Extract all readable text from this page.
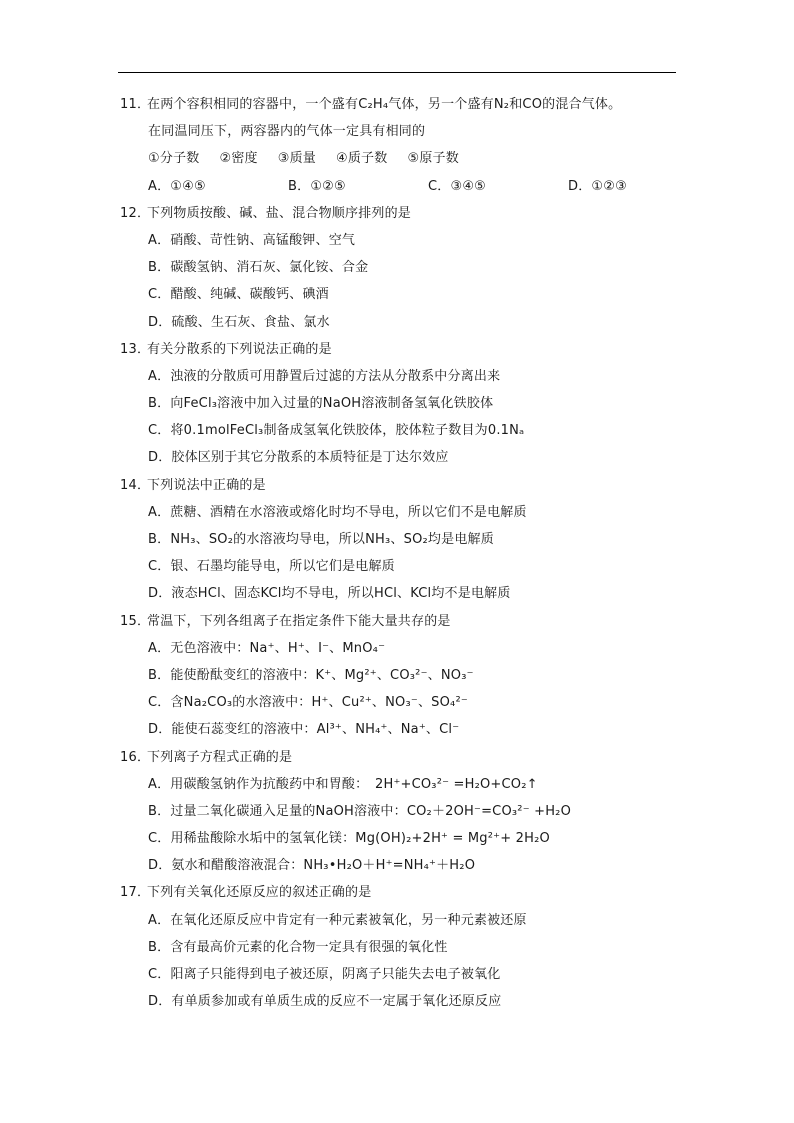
11．在两个容积相同的容器中，一个盛有C₂H₄气体，另一个盛有N₂和CO的混合气体。
在同温同压下，两容器内的气体一定具有相同的
①分子数 ②密度 ③质量 ④质子数 ⑤原子数
A．①④⑤	B．①②⑤	C．③④⑤	D．①②③
12．下列物质按酸、碱、盐、混合物顺序排列的是
A．硝酸、苛性钠、高锰酸钾、空气
B．碳酸氢钠、消石灰、氯化铵、合金
C．醋酸、纯碱、碳酸钙、碘酒
D．硫酸、生石灰、食盐、氯水
13．有关分散系的下列说法正确的是
A．浊液的分散质可用静置后过滤的方法从分散系中分离出来
B．向FeCl₃溶液中加入过量的NaOH溶液制备氢氧化铁胶体
C．将0.1molFeCl₃制备成氢氧化铁胶体，胶体粒子数目为0.1Nₐ
D．胶体区别于其它分散系的本质特征是丁达尔效应
14．下列说法中正确的是
A．蔗糖、酒精在水溶液或熔化时均不导电，所以它们不是电解质
B．NH₃、SO₂的水溶液均导电，所以NH₃、SO₂均是电解质
C．银、石墨均能导电，所以它们是电解质
D．液态HCl、固态KCl均不导电，所以HCl、KCl均不是电解质
15．常温下，下列各组离子在指定条件下能大量共存的是
A．无色溶液中：Na⁺、H⁺、I⁻、MnO₄⁻
B．能使酚酞变红的溶液中：K⁺、Mg²⁺、CO₃²⁻、NO₃⁻
C．含Na₂CO₃的水溶液中：H⁺、Cu²⁺、NO₃⁻、SO₄²⁻
D．能使石蕊变红的溶液中：Al³⁺、NH₄⁺、Na⁺、Cl⁻
16．下列离子方程式正确的是
A．用碳酸氢钠作为抗酸药中和胃酸：　2H⁺+CO₃²⁻ =H₂O+CO₂↑
B．过量二氧化碳通入足量的NaOH溶液中：CO₂＋2OH⁻=CO₃²⁻ +H₂O
C．用稀盐酸除水垢中的氢氧化镁：Mg(OH)₂+2H⁺ = Mg²⁺+ 2H₂O
D．氨水和醋酸溶液混合：NH₃•H₂O＋H⁺=NH₄⁺＋H₂O
17．下列有关氧化还原反应的叙述正确的是
A．在氧化还原反应中肯定有一种元素被氧化，另一种元素被还原
B．含有最高价元素的化合物一定具有很强的氧化性
C．阳离子只能得到电子被还原，阴离子只能失去电子被氧化
D．有单质参加或有单质生成的反应不一定属于氧化还原反应
